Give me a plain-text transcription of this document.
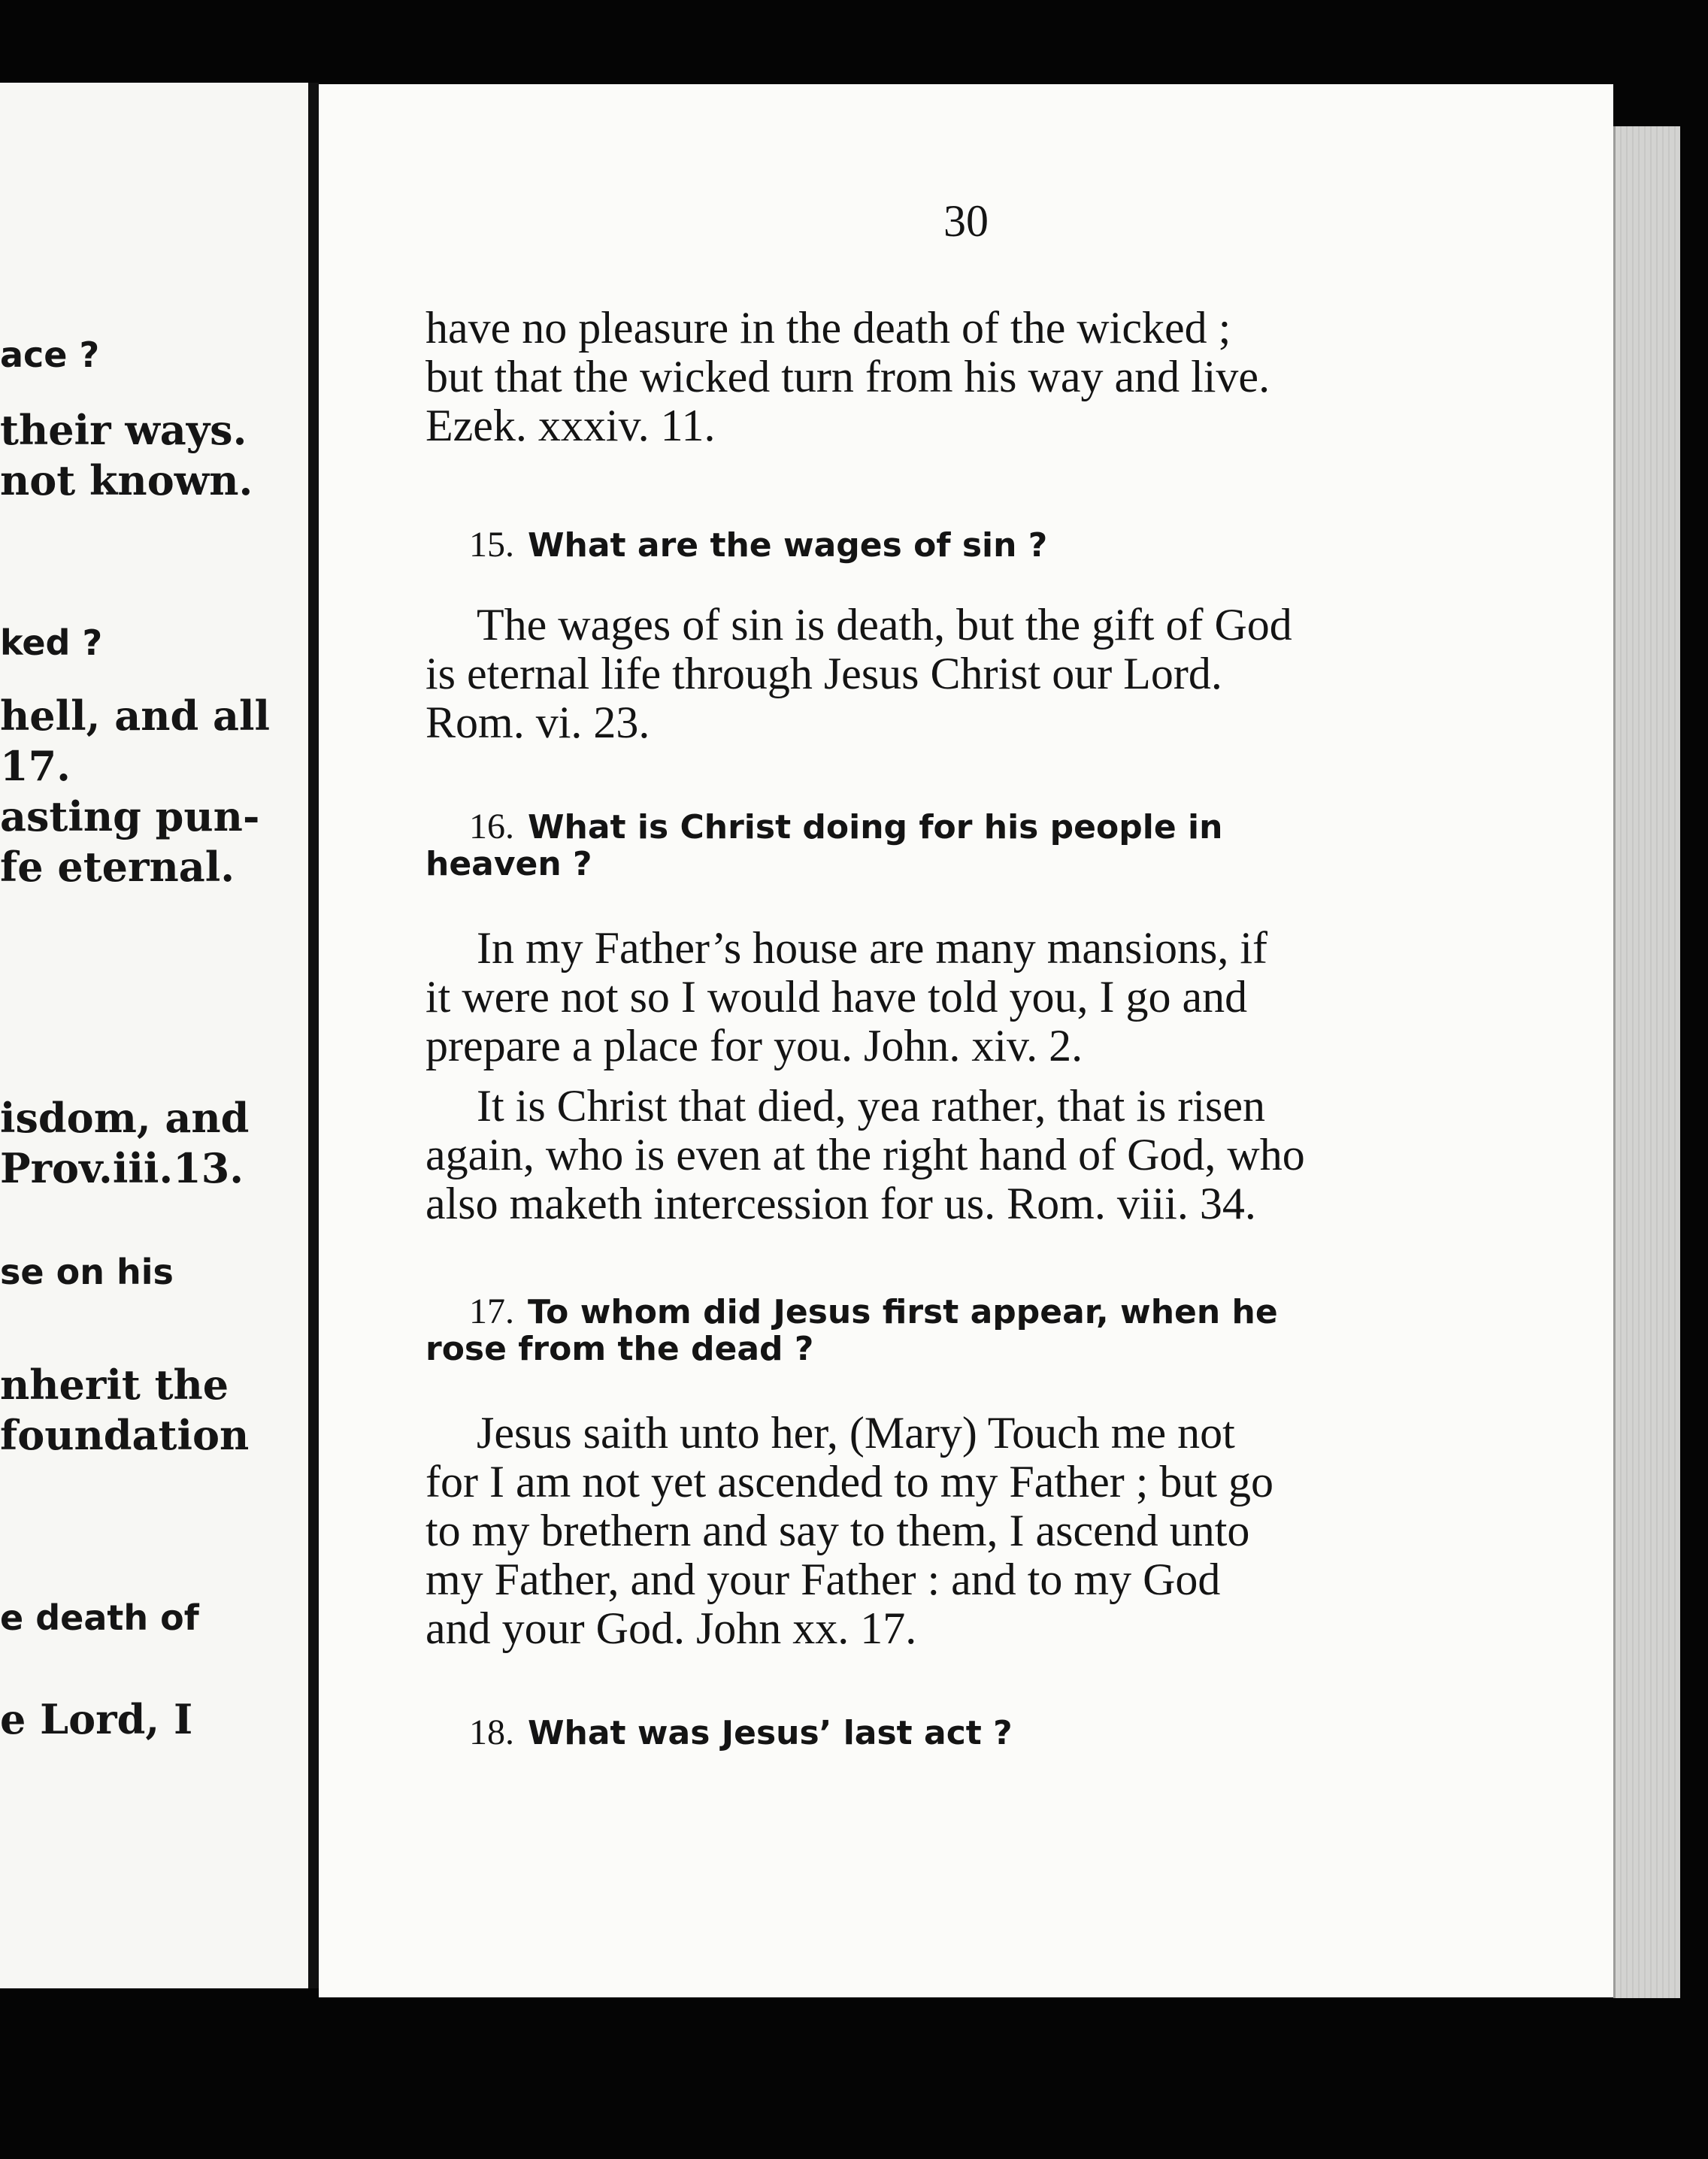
ace ?
their ways.
not known.
ked ?
hell, and all
17.
asting pun-
fe eternal.
isdom, and
Prov.iii.13.
se on his
nherit the
foundation
e death of
e Lord, I
30
have no pleasure in the death of the wicked ;
but that the wicked turn from his way and live.
Ezek. xxxiv. 11.
15. What are the wages of sin ?
The wages of sin is death, but the gift of God
is eternal life through Jesus Christ our Lord.
Rom. vi. 23.
16. What is Christ doing for his people in
heaven ?
In my Father’s house are many mansions, if
it were not so I would have told you, I go and
prepare a place for you. John. xiv. 2.
It is Christ that died, yea rather, that is risen
again, who is even at the right hand of God, who
also maketh intercession for us. Rom. viii. 34.
17. To whom did Jesus first appear, when he
rose from the dead ?
Jesus saith unto her, (Mary) Touch me not
for I am not yet ascended to my Father ; but go
to my brethern and say to them, I ascend unto
my Father, and your Father : and to my God
and your God. John xx. 17.
18. What was Jesus’ last act ?
